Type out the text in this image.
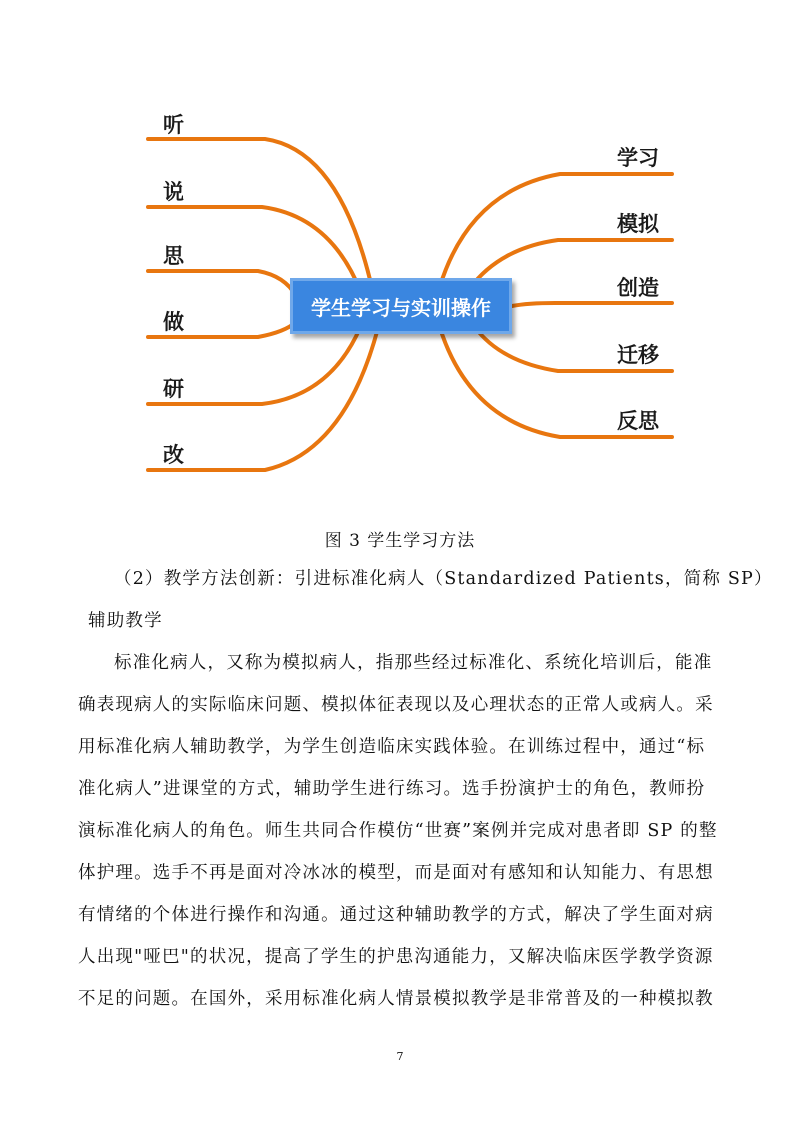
听
说
思
做
研
改
学习
模拟
创造
迁移
反思
学生学习与实训操作
图 3 学生学习方法
（2）教学方法创新：引进标准化病人（Standardized Patients，简称 SP）
辅助教学
标准化病人，又称为模拟病人，指那些经过标准化、系统化培训后，能准
确表现病人的实际临床问题、模拟体征表现以及心理状态的正常人或病人。采
用标准化病人辅助教学，为学生创造临床实践体验。在训练过程中，通过“标
准化病人”进课堂的方式，辅助学生进行练习。选手扮演护士的角色，教师扮
演标准化病人的角色。师生共同合作模仿“世赛”案例并完成对患者即 SP 的整
体护理。选手不再是面对冷冰冰的模型，而是面对有感知和认知能力、有思想
有情绪的个体进行操作和沟通。通过这种辅助教学的方式，解决了学生面对病
人出现"哑巴"的状况，提高了学生的护患沟通能力，又解决临床医学教学资源
不足的问题。在国外，采用标准化病人情景模拟教学是非常普及的一种模拟教
7
